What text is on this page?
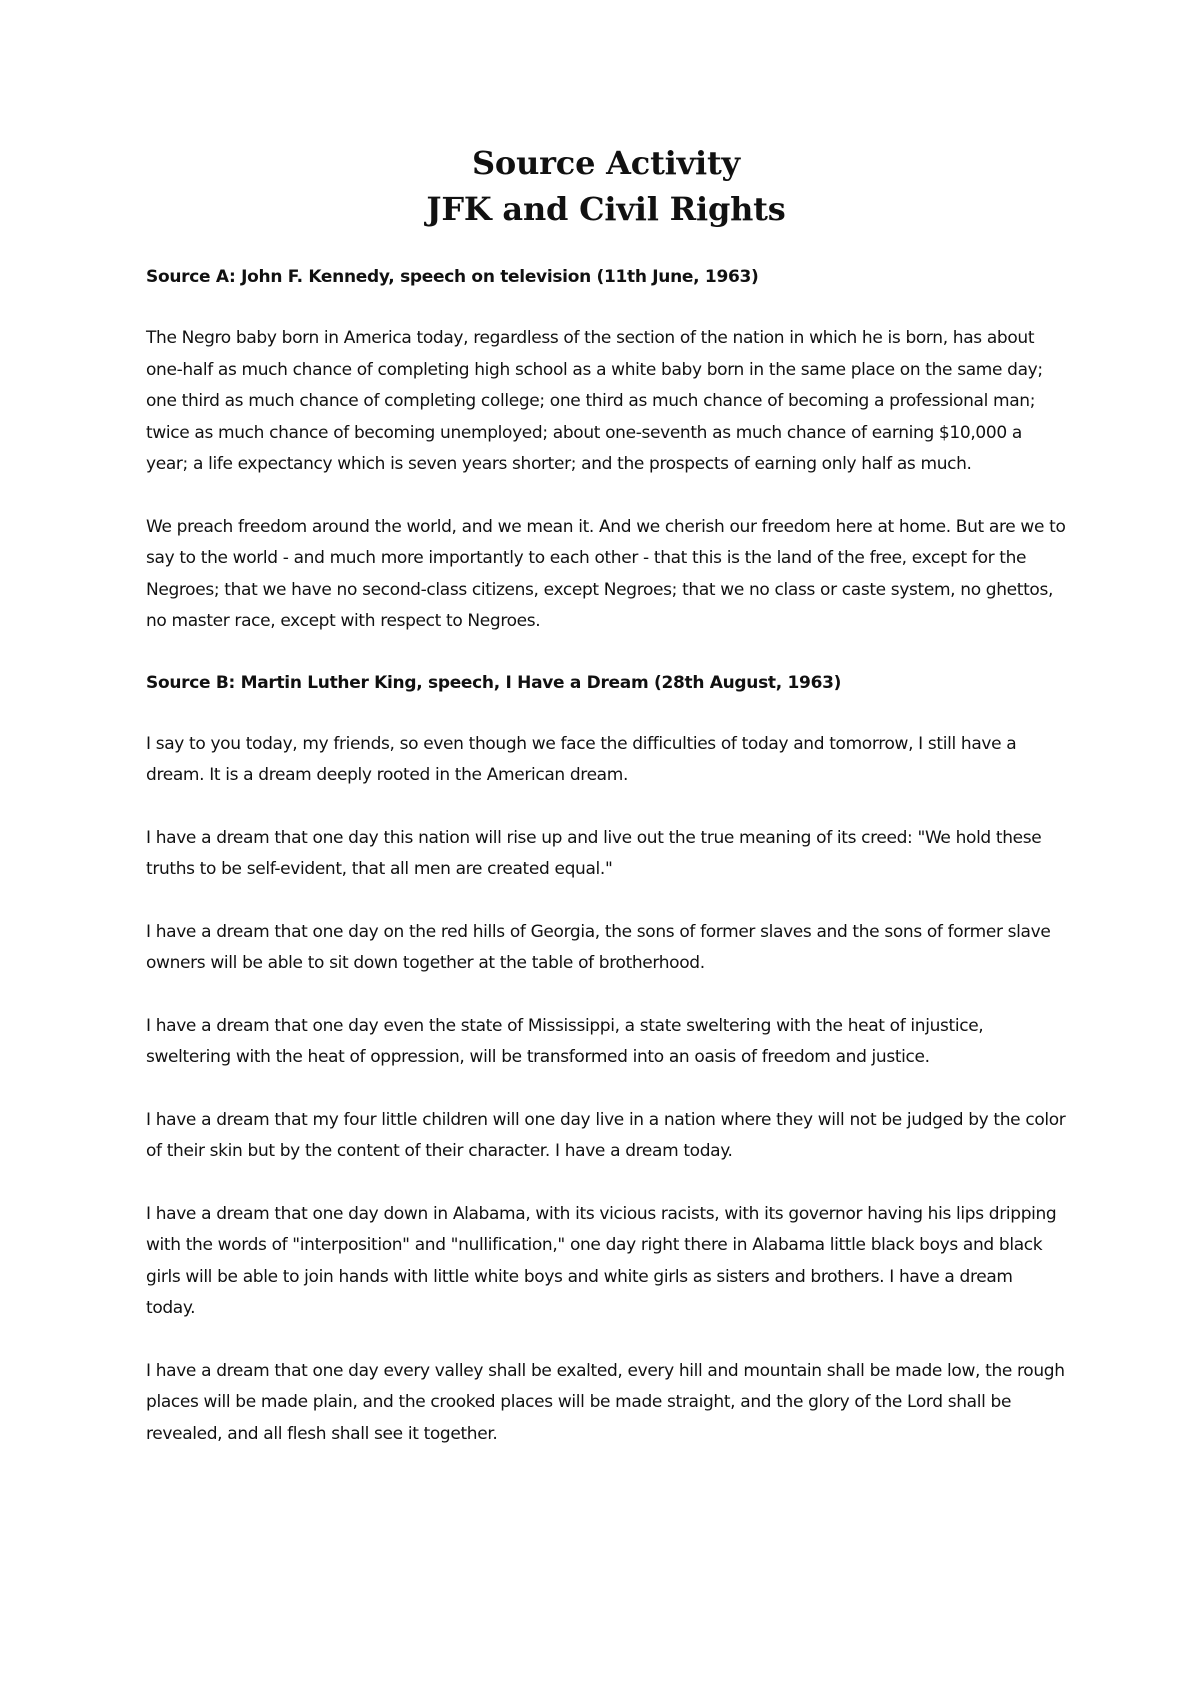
Source Activity
JFK and Civil Rights
Source A: John F. Kennedy, speech on television (11th June, 1963)

The Negro baby born in America today, regardless of the section of the nation in which he is born, has about one-half as much chance of completing high school as a white baby born in the same place on the same day; one third as much chance of completing college; one third as much chance of becoming a professional man; twice as much chance of becoming unemployed; about one-seventh as much chance of earning $10,000 a year; a life expectancy which is seven years shorter; and the prospects of earning only half as much.

We preach freedom around the world, and we mean it. And we cherish our freedom here at home. But are we to say to the world - and much more importantly to each other - that this is the land of the free, except for the Negroes; that we have no second-class citizens, except Negroes; that we no class or caste system, no ghettos, no master race, except with respect to Negroes.

Source B: Martin Luther King, speech, I Have a Dream (28th August, 1963)

I say to you today, my friends, so even though we face the difficulties of today and tomorrow, I still have a dream. It is a dream deeply rooted in the American dream.

I have a dream that one day this nation will rise up and live out the true meaning of its creed: "We hold these truths to be self-evident, that all men are created equal."

I have a dream that one day on the red hills of Georgia, the sons of former slaves and the sons of former slave owners will be able to sit down together at the table of brotherhood.

I have a dream that one day even the state of Mississippi, a state sweltering with the heat of injustice, sweltering with the heat of oppression, will be transformed into an oasis of freedom and justice.

I have a dream that my four little children will one day live in a nation where they will not be judged by the color of their skin but by the content of their character. I have a dream today.

I have a dream that one day down in Alabama, with its vicious racists, with its governor having his lips dripping with the words of "interposition" and "nullification," one day right there in Alabama little black boys and black girls will be able to join hands with little white boys and white girls as sisters and brothers. I have a dream today.

I have a dream that one day every valley shall be exalted, every hill and mountain shall be made low, the rough places will be made plain, and the crooked places will be made straight, and the glory of the Lord shall be revealed, and all flesh shall see it together.
